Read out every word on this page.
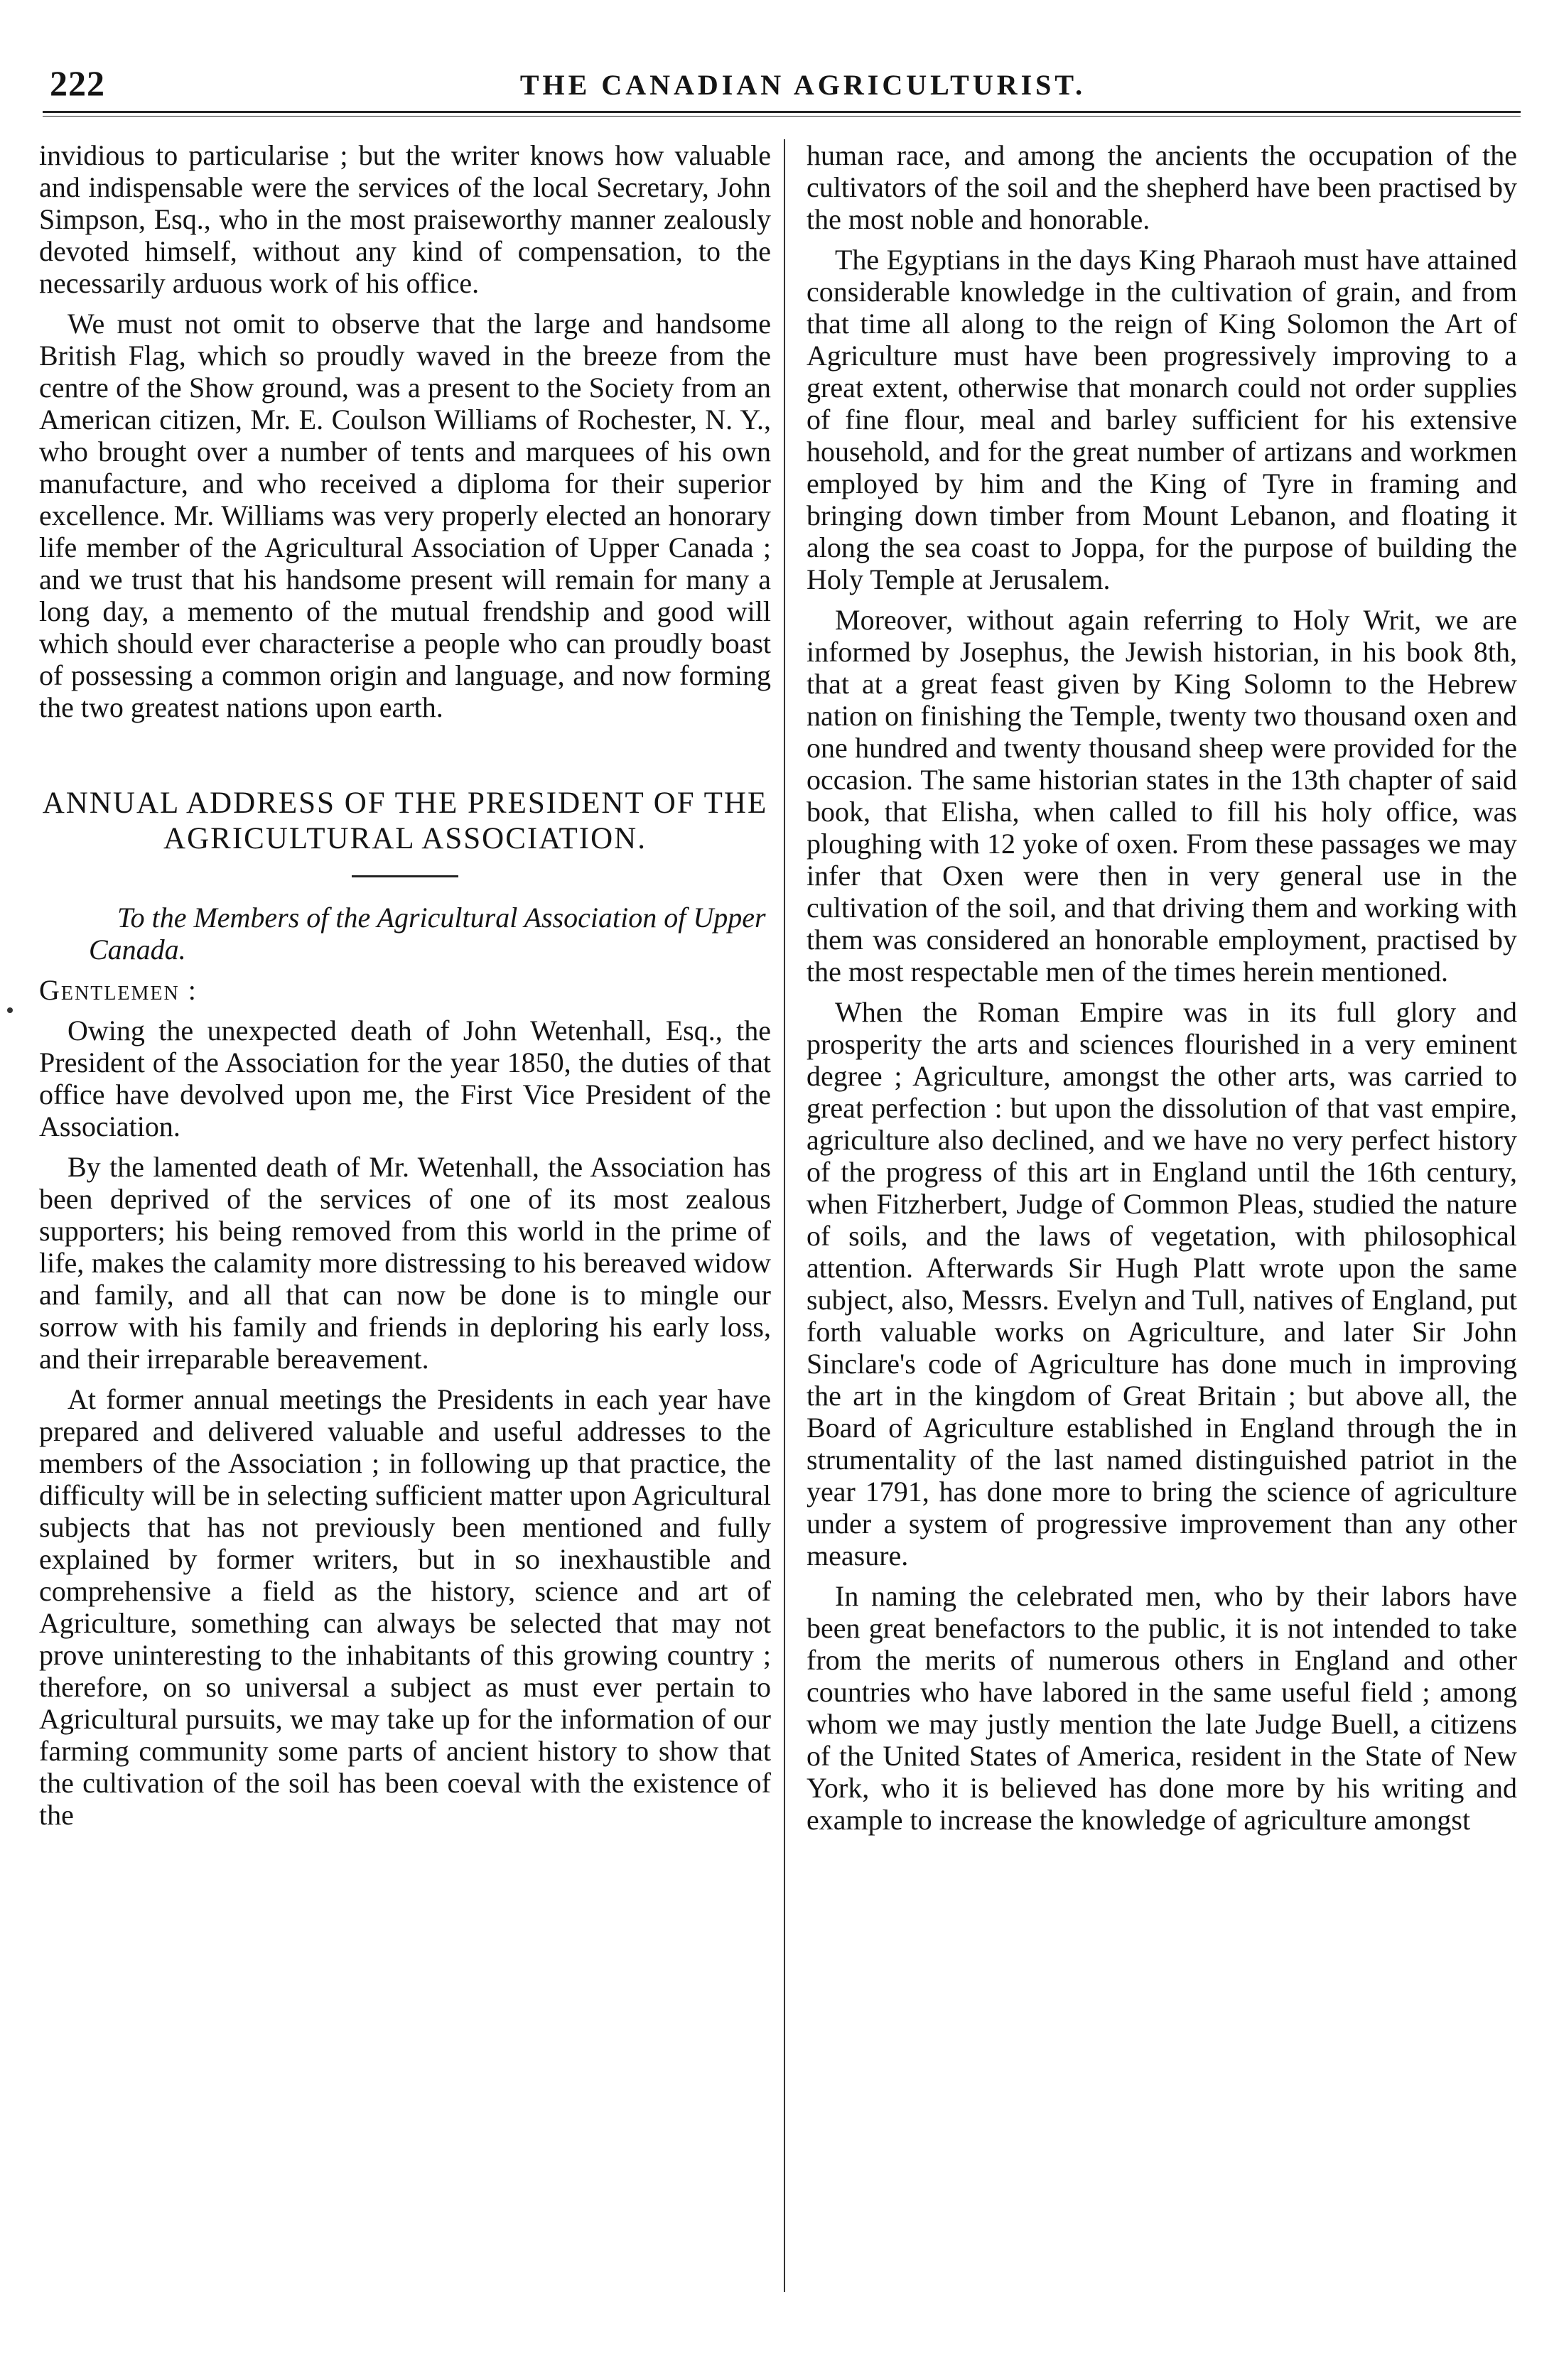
222	THE CANADIAN AGRICULTURIST.

invidious to particularise ; but the writer knows how valuable and indispensable were the services of the local Secretary, John Simpson, Esq., who in the most praiseworthy manner zealously devoted himself, without any kind of compensation, to the necessarily arduous work of his office.

We must not omit to observe that the large and handsome British Flag, which so proudly waved in the breeze from the centre of the Show ground, was a present to the Society from an American citizen, Mr. E. Coulson Williams of Rochester, N. Y., who brought over a number of tents and marquees of his own manufacture, and who received a diploma for their superior excellence. Mr. Williams was very properly elected an honorary life member of the Agricultural Association of Upper Canada ; and we trust that his handsome present will remain for many a long day, a memento of the mutual frendship and good will which should ever characterise a people who can proudly boast of possessing a common origin and language, and now forming the two greatest nations upon earth.

ANNUAL ADDRESS OF THE PRESIDENT OF THE AGRICULTURAL ASSOCIATION.

To the Members of the Agricultural Association of Upper Canada.

Gentlemen :

Owing the unexpected death of John Wetenhall, Esq., the President of the Association for the year 1850, the duties of that office have devolved upon me, the First Vice President of the Association.

By the lamented death of Mr. Wetenhall, the Association has been deprived of the services of one of its most zealous supporters; his being removed from this world in the prime of life, makes the calamity more distressing to his bereaved widow and family, and all that can now be done is to mingle our sorrow with his family and friends in deploring his early loss, and their irreparable bereavement.

At former annual meetings the Presidents in each year have prepared and delivered valuable and useful addresses to the members of the Association ; in following up that practice, the difficulty will be in selecting sufficient matter upon Agricultural subjects that has not previously been mentioned and fully explained by former writers, but in so inexhaustible and comprehensive a field as the history, science and art of Agriculture, something can always be selected that may not prove uninteresting to the inhabitants of this growing country ; therefore, on so universal a subject as must ever pertain to Agricultural pursuits, we may take up for the information of our farming community some parts of ancient history to show that the cultivation of the soil has been coeval with the existence of the

human race, and among the ancients the occupation of the cultivators of the soil and the shepherd have been practised by the most noble and honorable.

The Egyptians in the days King Pharaoh must have attained considerable knowledge in the cultivation of grain, and from that time all along to the reign of King Solomon the Art of Agriculture must have been progressively improving to a great extent, otherwise that monarch could not order supplies of fine flour, meal and barley sufficient for his extensive household, and for the great number of artizans and workmen employed by him and the King of Tyre in framing and bringing down timber from Mount Lebanon, and floating it along the sea coast to Joppa, for the purpose of building the Holy Temple at Jerusalem.

Moreover, without again referring to Holy Writ, we are informed by Josephus, the Jewish historian, in his book 8th, that at a great feast given by King Solomn to the Hebrew nation on finishing the Temple, twenty two thousand oxen and one hundred and twenty thousand sheep were provided for the occasion. The same historian states in the 13th chapter of said book, that Elisha, when called to fill his holy office, was ploughing with 12 yoke of oxen. From these passages we may infer that Oxen were then in very general use in the cultivation of the soil, and that driving them and working with them was considered an honorable employment, practised by the most respectable men of the times herein mentioned.

When the Roman Empire was in its full glory and prosperity the arts and sciences flourished in a very eminent degree ; Agriculture, amongst the other arts, was carried to great perfection : but upon the dissolution of that vast empire, agriculture also declined, and we have no very perfect history of the progress of this art in England until the 16th century, when Fitzherbert, Judge of Common Pleas, studied the nature of soils, and the laws of vegetation, with philosophical attention. Afterwards Sir Hugh Platt wrote upon the same subject, also, Messrs. Evelyn and Tull, natives of England, put forth valuable works on Agriculture, and later Sir John Sinclare's code of Agriculture has done much in improving the art in the kingdom of Great Britain ; but above all, the Board of Agriculture established in England through the in strumentality of the last named distinguished patriot in the year 1791, has done more to bring the science of agriculture under a system of progressive improvement than any other measure.

In naming the celebrated men, who by their labors have been great benefactors to the public, it is not intended to take from the merits of numerous others in England and other countries who have labored in the same useful field ; among whom we may justly mention the late Judge Buell, a citizens of the United States of America, resident in the State of New York, who it is believed has done more by his writing and example to increase the knowledge of agriculture amongst
